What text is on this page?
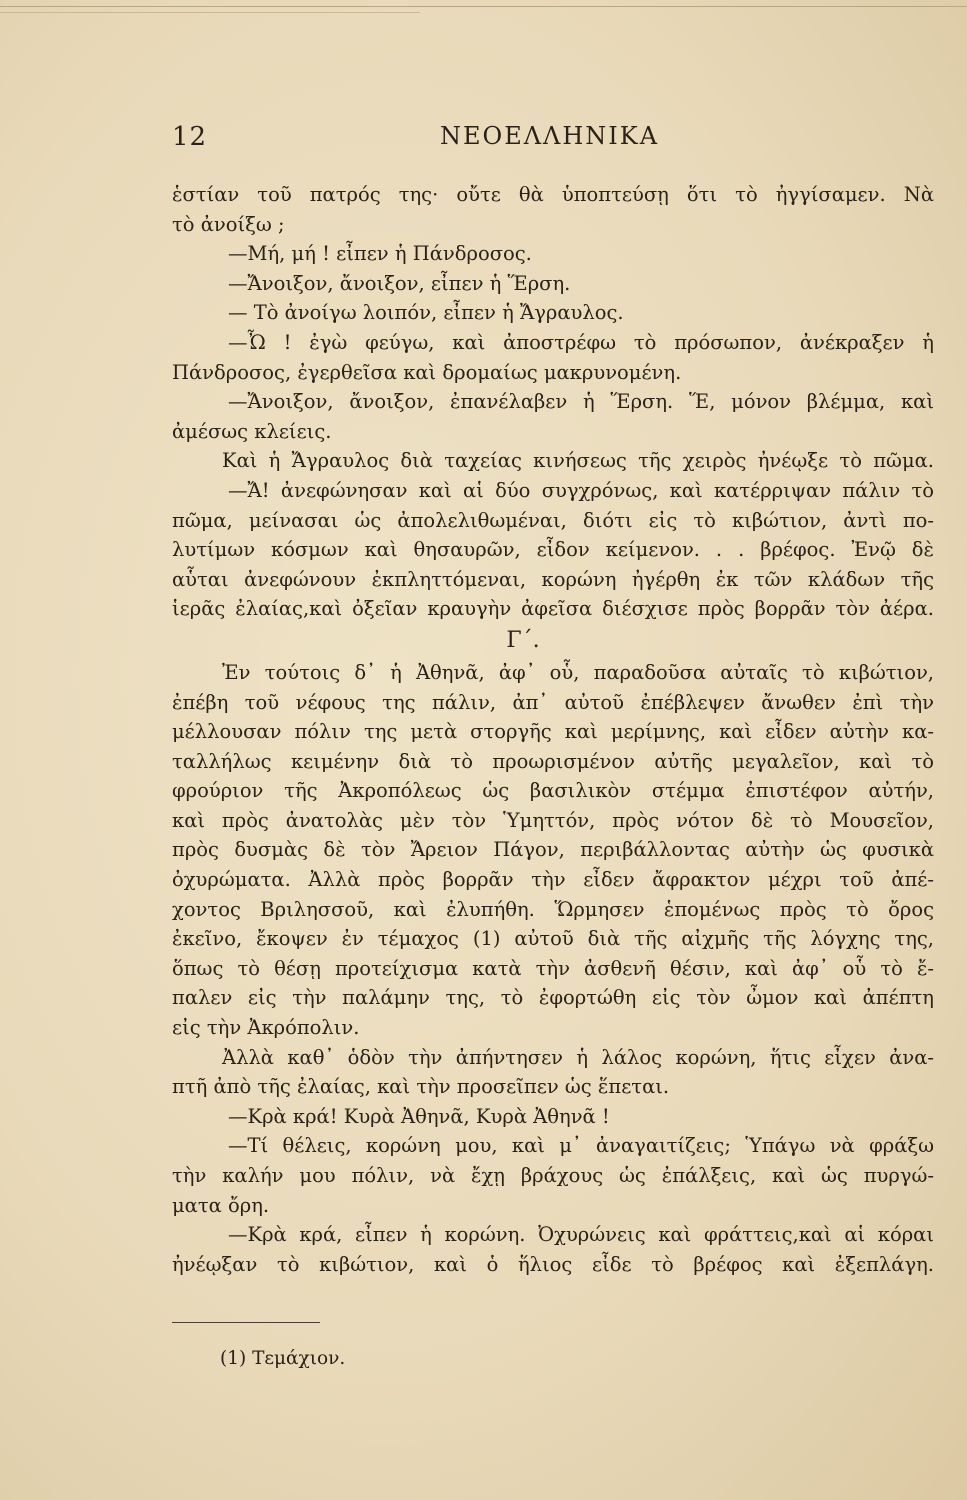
12	ΝΕΟΕΛΛΗΝΙΚΑ
ἑστίαν τοῦ πατρός της· οὔτε θὰ ὑποπτεύσῃ ὅτι τὸ ἠγγίσαμεν. Νὰ
τὸ ἀνοίξω ;
—Μή, μή ! εἶπεν ἡ Πάνδροσος.
—Ἄνοιξον, ἄνοιξον, εἶπεν ἡ Ἕρση.
— Τὸ ἀνοίγω λοιπόν, εἶπεν ἡ Ἄγραυλος.
—Ὦ ! ἐγὼ φεύγω, καὶ ἀποστρέφω τὸ πρόσωπον, ἀνέκραξεν ἡ
Πάνδροσος, ἐγερθεῖσα καὶ δρομαίως μακρυνομένη.
—Ἄνοιξον, ἄνοιξον, ἐπανέλαβεν ἡ Ἕρση. Ἕ, μόνον βλέμμα, καὶ
ἀμέσως κλείεις.
Καὶ ἡ Ἄγραυλος διὰ ταχείας κινήσεως τῆς χειρὸς ἠνέῳξε τὸ πῶμα.
—Ἄ! ἀνεφώνησαν καὶ αἱ δύο συγχρόνως, καὶ κατέρριψαν πάλιν τὸ
πῶμα, μείνασαι ὡς ἀπολελιθωμέναι, διότι εἰς τὸ κιβώτιον, ἀντὶ πο-
λυτίμων κόσμων καὶ θησαυρῶν, εἶδον κείμενον. . . βρέφος. Ἐνῷ δὲ
αὗται ἀνεφώνουν ἐκπληττόμεναι, κορώνη ἠγέρθη ἐκ τῶν κλάδων τῆς
ἱερᾶς ἐλαίας,καὶ ὀξεῖαν κραυγὴν ἀφεῖσα διέσχισε πρὸς βορρᾶν τὸν ἀέρα.
Γ΄.
Ἐν τούτοις δ᾽ ἡ Ἀθηνᾶ, ἀφ᾽ οὗ, παραδοῦσα αὐταῖς τὸ κιβώτιον,
ἐπέβη τοῦ νέφους της πάλιν, ἀπ᾽ αὐτοῦ ἐπέβλεψεν ἄνωθεν ἐπὶ τὴν
μέλλουσαν πόλιν της μετὰ στοργῆς καὶ μερίμνης, καὶ εἶδεν αὐτὴν κα-
ταλλήλως κειμένην διὰ τὸ προωρισμένον αὐτῆς μεγαλεῖον, καὶ τὸ
φρούριον τῆς Ἀκροπόλεως ὡς βασιλικὸν στέμμα ἐπιστέφον αὐτήν,
καὶ πρὸς ἀνατολὰς μὲν τὸν Ὑμηττόν, πρὸς νότον δὲ τὸ Μουσεῖον,
πρὸς δυσμὰς δὲ τὸν Ἄρειον Πάγον, περιβάλλοντας αὐτὴν ὡς φυσικὰ
ὀχυρώματα. Ἀλλὰ πρὸς βορρᾶν τὴν εἶδεν ἄφρακτον μέχρι τοῦ ἀπέ-
χοντος Βριλησσοῦ, καὶ ἐλυπήθη. Ὥρμησεν ἑπομένως πρὸς τὸ ὄρος
ἐκεῖνο, ἔκοψεν ἐν τέμαχος (1) αὐτοῦ διὰ τῆς αἰχμῆς τῆς λόγχης της,
ὅπως τὸ θέσῃ προτείχισμα κατὰ τὴν ἀσθενῆ θέσιν, καὶ ἀφ᾽ οὗ τὸ ἔ-
παλεν εἰς τὴν παλάμην της, τὸ ἐφορτώθη εἰς τὸν ὦμον καὶ ἀπέπτη
εἰς τὴν Ἀκρόπολιν.
Ἀλλὰ καθ᾽ ὁδὸν τὴν ἀπήντησεν ἡ λάλος κορώνη, ἥτις εἶχεν ἀνα-
πτῆ ἀπὸ τῆς ἐλαίας, καὶ τὴν προσεῖπεν ὡς ἕπεται.
—Κρὰ κρά! Κυρὰ Ἀθηνᾶ, Κυρὰ Ἀθηνᾶ !
—Τί θέλεις, κορώνη μου, καὶ μ᾽ ἀναγαιτίζεις; Ὑπάγω νὰ φράξω
τὴν καλήν μου πόλιν, νὰ ἔχῃ βράχους ὡς ἐπάλξεις, καὶ ὡς πυργώ-
ματα ὄρη.
—Κρὰ κρά, εἶπεν ἡ κορώνη. Ὀχυρώνεις καὶ φράττεις,καὶ αἱ κόραι
ἠνέῳξαν τὸ κιβώτιον, καὶ ὁ ἥλιος εἶδε τὸ βρέφος καὶ ἐξεπλάγη.
(1) Τεμάχιον.
